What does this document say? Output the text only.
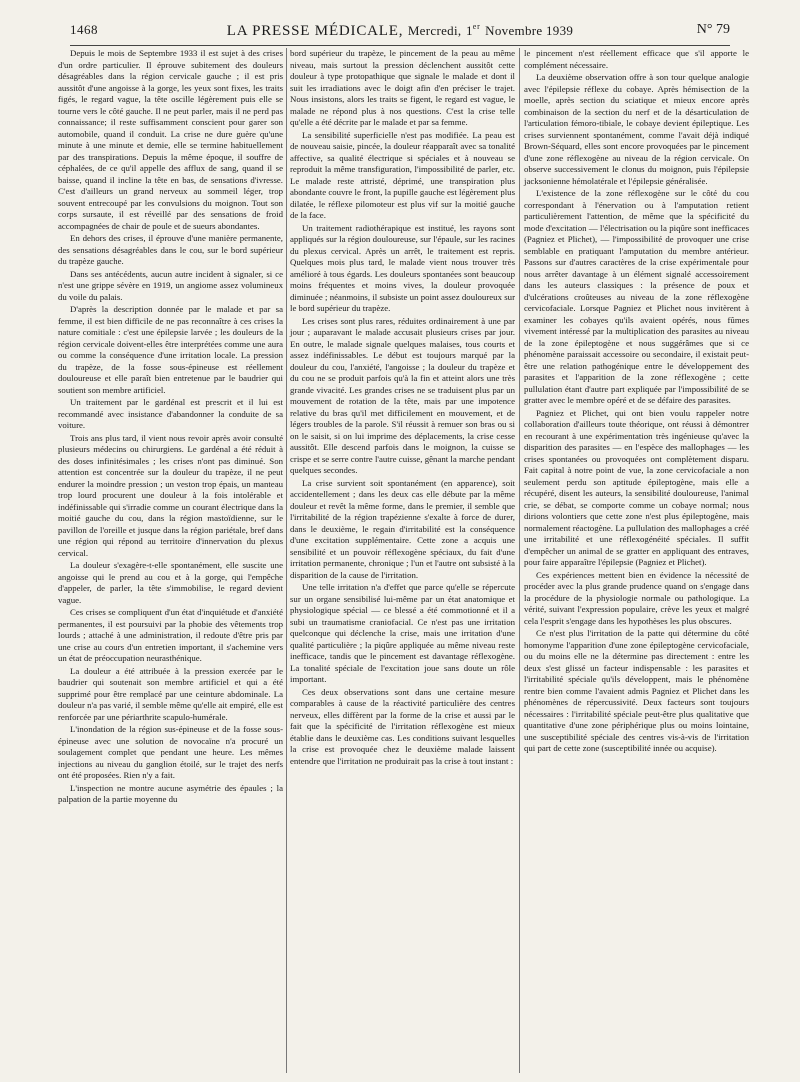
1468	LA PRESSE MÉDICALE, Mercredi, 1er Novembre 1939	N° 79

Depuis le mois de Septembre 1933 il est sujet à des crises d'un ordre particulier. Il éprouve subitement des douleurs désagréables dans la région cervicale gauche ; il est pris aussitôt d'une angoisse à la gorge, les yeux sont fixes, les traits figés, le regard vague, la tête oscille légèrement puis elle se tourne vers le côté gauche. Il ne peut parler, mais il ne perd pas connaissance; il reste suffisamment conscient pour garer son automobile, quand il conduit. La crise ne dure guère qu'une minute à une minute et demie, elle se termine habituellement par des transpirations. Depuis la même époque, il souffre de céphalées, de ce qu'il appelle des afflux de sang, quand il se baisse, quand il incline la tête en bas, de sensations d'ivresse. C'est d'ailleurs un grand nerveux au sommeil léger, trop souvent entrecoupé par les convulsions du moignon. Tout son corps sursaute, il est réveillé par des sensations de froid accompagnées de chair de poule et de sueurs abondantes.

En dehors des crises, il éprouve d'une manière permanente, des sensations désagréables dans le cou, sur le bord supérieur du trapèze gauche.

Dans ses antécédents, aucun autre incident à signaler, si ce n'est une grippe sévère en 1919, un angiome assez volumineux du voile du palais.

D'après la description donnée par le malade et par sa femme, il est bien difficile de ne pas reconnaître à ces crises la nature comitiale : c'est une épilepsie larvée ; les douleurs de la région cervicale doivent-elles être interprétées comme une aura ou comme la conséquence d'une irritation locale. La pression du trapèze, de la fosse sous-épineuse est réellement douloureuse et elle paraît bien entretenue par le baudrier qui soutient son membre artificiel.

Un traitement par le gardénal est prescrit et il lui est recommandé avec insistance d'abandonner la conduite de sa voiture.

Trois ans plus tard, il vient nous revoir après avoir consulté plusieurs médecins ou chirurgiens. Le gardénal a été réduit à des doses infinitésimales ; les crises n'ont pas diminué. Son attention est concentrée sur la douleur du trapèze, il ne peut endurer la moindre pression ; un veston trop épais, un manteau trop lourd procurent une douleur à la fois intolérable et indéfinissable qui s'irradie comme un courant électrique dans la moitié gauche du cou, dans la région mastoïdienne, sur le pavillon de l'oreille et jusque dans la région pariétale, bref dans une région qui répond au territoire d'innervation du plexus cervical.

La douleur s'exagère-t-elle spontanément, elle suscite une angoisse qui le prend au cou et à la gorge, qui l'empêche d'appeler, de parler, la tête s'immobilise, le regard devient vague.

Ces crises se compliquent d'un état d'inquiétude et d'anxiété permanentes, il est poursuivi par la phobie des vêtements trop lourds ; attaché à une administration, il redoute d'être pris par une crise au cours d'un entretien important, il s'achemine vers un état de préoccupation neurasthénique.

La douleur a été attribuée à la pression exercée par le baudrier qui soutenait son membre artificiel et qui a été supprimé pour être remplacé par une ceinture abdominale. La douleur n'a pas varié, il semble même qu'elle ait empiré, elle est renforcée par une périarthrite scapulo-humérale.

L'inondation de la région sus-épineuse et de la fosse sous-épineuse avec une solution de novocaïne n'a procuré un soulagement complet que pendant une heure. Les mêmes injections au niveau du ganglion étoilé, sur le trajet des nerfs ont été proposées. Rien n'y a fait.

L'inspection ne montre aucune asymétrie des épaules ; la palpation de la partie moyenne du

bord supérieur du trapèze, le pincement de la peau au même niveau, mais surtout la pression déclenchent aussitôt cette douleur à type protopathique que signale le malade et dont il suit les irradiations avec le doigt afin d'en préciser le trajet. Nous insistons, alors les traits se figent, le regard est vague, le malade ne répond plus à nos questions. C'est la crise telle qu'elle a été décrite par le malade et par sa femme.

La sensibilité superficielle n'est pas modifiée. La peau est de nouveau saisie, pincée, la douleur réapparaît avec sa tonalité affective, sa qualité électrique si spéciales et à nouveau se reproduit la même transfiguration, l'impossibilité de parler, etc. Le malade reste attristé, déprimé, une transpiration plus abondante couvre le front, la pupille gauche est légèrement plus dilatée, le réflexe pilomoteur est plus vif sur la moitié gauche de la face.

Un traitement radiothérapique est institué, les rayons sont appliqués sur la région douloureuse, sur l'épaule, sur les racines du plexus cervical. Après un arrêt, le traitement est repris. Quelques mois plus tard, le malade vient nous trouver très amélioré à tous égards. Les douleurs spontanées sont beaucoup moins fréquentes et moins vives, la douleur provoquée diminuée ; néanmoins, il subsiste un point assez douloureux sur le bord supérieur du trapèze.

Les crises sont plus rares, réduites ordinairement à une par jour ; auparavant le malade accusait plusieurs crises par jour. En outre, le malade signale quelques malaises, tous courts et assez indéfinissables. Le début est toujours marqué par la douleur du cou, l'anxiété, l'angoisse ; la douleur du trapèze et du cou ne se produit parfois qu'à la fin et atteint alors une très grande vivacité. Les grandes crises ne se traduisent plus par un mouvement de rotation de la tête, mais par une impotence relative du bras qu'il met difficilement en mouvement, et de légers troubles de la parole. S'il réussit à remuer son bras ou si on le saisit, si on lui imprime des déplacements, la crise cesse aussitôt. Elle descend parfois dans le moignon, la cuisse se crispe et se serre contre l'autre cuisse, gênant la marche pendant quelques secondes.

La crise survient soit spontanément (en apparence), soit accidentellement ; dans les deux cas elle débute par la même douleur et revêt la même forme, dans le premier, il semble que l'irritabilité de la région trapézienne s'exalte à force de durer, dans le deuxième, le regain d'irritabilité est la conséquence d'une excitation supplémentaire. Cette zone a acquis une sensibilité et un pouvoir réflexogène spéciaux, du fait d'une irritation permanente, chronique ; l'un et l'autre ont subsisté à la disparition de la cause de l'irritation.

Une telle irritation n'a d'effet que parce qu'elle se répercute sur un organe sensibilisé lui-même par un état anatomique et physiologique spécial — ce blessé a été commotionné et il a subi un traumatisme craniofacial. Ce n'est pas une irritation quelconque qui déclenche la crise, mais une irritation d'une qualité particulière ; la piqûre appliquée au même niveau reste inefficace, tandis que le pincement est davantage réflexogène. La tonalité spéciale de l'excitation joue sans doute un rôle important.

Ces deux observations sont dans une certaine mesure comparables à cause de la réactivité particulière des centres nerveux, elles diffèrent par la forme de la crise et aussi par le fait que la spécificité de l'irritation réflexogène est mieux établie dans le deuxième cas. Les conditions suivant lesquelles la crise est provoquée chez le deuxième malade laissent entendre que l'irritation ne produirait pas la crise à tout instant :

le pincement n'est réellement efficace que s'il apporte le complément nécessaire.

La deuxième observation offre à son tour quelque analogie avec l'épilepsie réflexe du cobaye. Après hémisection de la moelle, après section du sciatique et mieux encore après combinaison de la section du nerf et de la désarticulation de l'articulation fémoro-tibiale, le cobaye devient épileptique. Les crises surviennent spontanément, comme l'avait déjà indiqué Brown-Séquard, elles sont encore provoquées par le pincement d'une zone réflexogène au niveau de la région cervicale. On observe successivement le clonus du moignon, puis l'épilepsie jacksonienne hémolatérale et l'épilepsie généralisée.

L'existence de la zone réflexogène sur le côté du cou correspondant à l'énervation ou à l'amputation retient particulièrement l'attention, de même que la spécificité du mode d'excitation — l'électrisation ou la piqûre sont inefficaces (Pagniez et Plichet), — l'impossibilité de provoquer une crise semblable en pratiquant l'amputation du membre antérieur. Passons sur d'autres caractères de la crise expérimentale pour nous arrêter davantage à un élément signalé accessoirement dans les auteurs classiques : la présence de poux et d'ulcérations croûteuses au niveau de la zone réflexogène cervicofaciale. Lorsque Pagniez et Plichet nous invitèrent à examiner les cobayes qu'ils avaient opérés, nous fûmes vivement intéressé par la multiplication des parasites au niveau de la zone épileptogène et nous suggérâmes que si ce phénomène paraissait accessoire ou secondaire, il existait peut-être une relation pathogénique entre le développement des parasites et l'apparition de la zone réflexogène ; cette pullulation étant d'autre part expliquée par l'impossibilité de se gratter avec le membre opéré et de se défaire des parasites.

Pagniez et Plichet, qui ont bien voulu rappeler notre collaboration d'ailleurs toute théorique, ont réussi à démontrer en recourant à une expérimentation très ingénieuse qu'avec la disparition des parasites — en l'espèce des mallophages — les crises spontanées ou provoquées ont complètement disparu. Fait capital à notre point de vue, la zone cervicofaciale a non seulement perdu son aptitude épileptogène, mais elle a récupéré, disent les auteurs, la sensibilité douloureuse, l'animal crie, se débat, se comporte comme un cobaye normal; nous dirions volontiers que cette zone n'est plus épileptogène, mais normalement réactogène. La pullulation des mallophages a créé une irritabilité et une réflexogénéité spéciales. Il suffit d'empêcher un animal de se gratter en appliquant des entraves, pour faire apparaître l'épilepsie (Pagniez et Plichet).

Ces expériences mettent bien en évidence la nécessité de procéder avec la plus grande prudence quand on s'engage dans la procédure de la physiologie normale ou pathologique. La vérité, suivant l'expression populaire, crève les yeux et malgré cela l'esprit s'engage dans les hypothèses les plus obscures.

Ce n'est plus l'irritation de la patte qui détermine du côté homonyme l'apparition d'une zone épileptogène cervicofaciale, ou du moins elle ne la détermine pas directement : entre les deux s'est glissé un facteur indispensable : les parasites et l'irritabilité spéciale qu'ils développent, mais le phénomène rentre bien comme l'avaient admis Pagniez et Plichet dans les phénomènes de répercussivité. Deux facteurs sont toujours nécessaires : l'irritabilité spéciale peut-être plus qualitative que quantitative d'une zone périphérique plus ou moins lointaine, une susceptibilité spéciale des centres vis-à-vis de l'irritation qui part de cette zone (susceptibilité innée ou acquise).
